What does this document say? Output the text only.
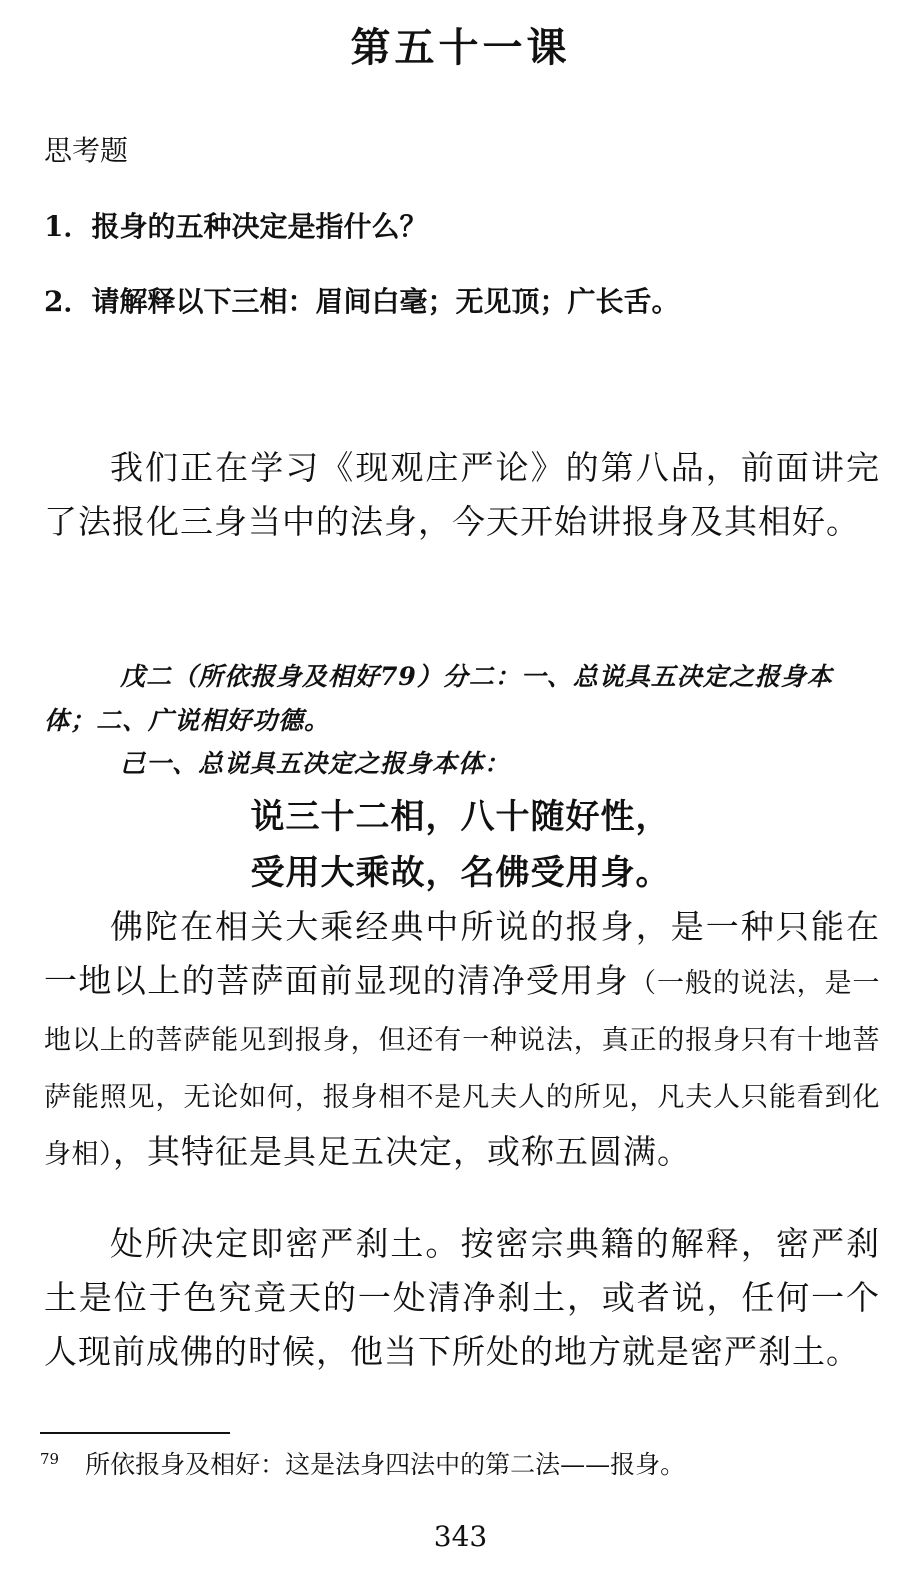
第五十一课
思考题
1．报身的五种决定是指什么？
2．请解释以下三相：眉间白毫；无见顶；广长舌。

我们正在学习《现观庄严论》的第八品，前面讲完了法报化三身当中的法身，今天开始讲报身及其相好。

戊二（所依报身及相好79）分二：一、总说具五决定之报身本体；二、广说相好功德。

己一、总说具五决定之报身本体：

说三十二相，八十随好性，
受用大乘故，名佛受用身。

佛陀在相关大乘经典中所说的报身，是一种只能在一地以上的菩萨面前显现的清净受用身（一般的说法，是一地以上的菩萨能见到报身，但还有一种说法，真正的报身只有十地菩萨能照见，无论如何，报身相不是凡夫人的所见，凡夫人只能看到化身相），其特征是具足五决定，或称五圆满。

处所决定即密严刹土。按密宗典籍的解释，密严刹土是位于色究竟天的一处清净刹土，或者说，任何一个人现前成佛的时候，他当下所处的地方就是密严刹土。

$^{79}$ 所依报身及相好：这是法身四法中的第二法——报身。
343
